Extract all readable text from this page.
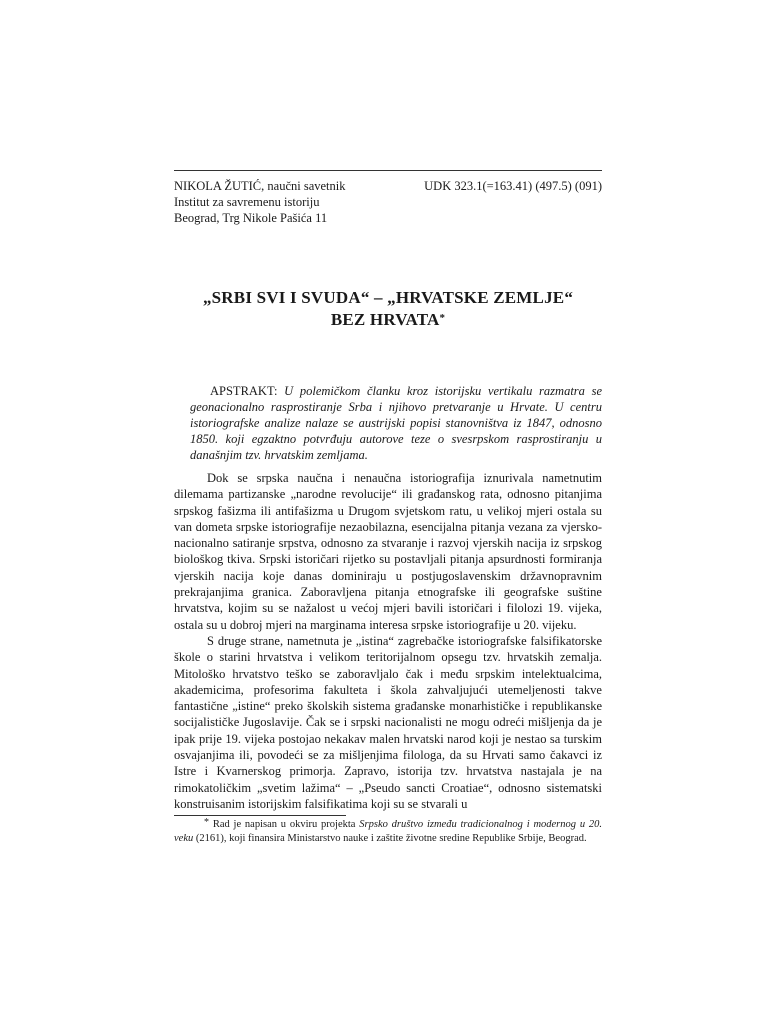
NIKOLA ŽUTIĆ, naučni savetnik
Institut za savremenu istoriju
Beograd, Trg Nikole Pašića 11
UDK 323.1(=163.41) (497.5) (091)
„SRBI SVI I SVUDA“ – „HRVATSKE ZEMLJE“
BEZ HRVATA*
APSTRAKT: U polemičkom članku kroz istorijsku vertikalu razmatra se geonacionalno rasprostiranje Srba i njihovo pretvaranje u Hrvate. U centru istoriografske analize nalaze se austrijski popisi stanovništva iz 1847, odnosno 1850. koji egzaktno potvrđuju autorove teze o svesrpskom rasprostiranju u današnjim tzv. hrvatskim zemljama.

Dok se srpska naučna i nenaučna istoriografija iznurivala nametnutim dilemama partizanske „narodne revolucije“ ili građanskog rata, odnosno pitanjima srpskog fašizma ili antifašizma u Drugom svjetskom ratu, u velikoj mjeri ostala su van dometa srpske istoriografije nezaobilazna, esencijalna pitanja vezana za vjersko-nacionalno satiranje srpstva, odnosno za stvaranje i razvoj vjerskih nacija iz srpskog biološkog tkiva. Srpski istoričari rijetko su postavljali pitanja apsurdnosti formiranja vjerskih nacija koje danas dominiraju u postjugoslavenskim državnopravnim prekrajanjima granica. Zaboravljena pitanja etnografske ili geografske suštine hrvatstva, kojim su se nažalost u većoj mjeri bavili istoričari i filolozi 19. vijeka, ostala su u dobroj mjeri na marginama interesa srpske istoriografije u 20. vijeku.

S druge strane, nametnuta je „istina“ zagrebačke istoriografske falsifikatorske škole o starini hrvatstva i velikom teritorijalnom opsegu tzv. hrvatskih zemalja. Mitološko hrvatstvo teško se zaboravljalo čak i među srpskim intelektualcima, akademicima, profesorima fakulteta i škola zahvaljujući utemeljenosti takve fantastične „istine“ preko školskih sistema građanske monarhističke i republikanske socijalističke Jugoslavije. Čak se i srpski nacionalisti ne mogu odreći mišljenja da je ipak prije 19. vijeka postojao nekakav malen hrvatski narod koji je nestao sa turskim osvajanjima ili, povodeći se za mišljenjima filologa, da su Hrvati samo čakavci iz Istre i Kvarnerskog primorja. Zapravo, istorija tzv. hrvatstva nastajala je na rimokatoličkim „svetim lažima“ – „Pseudo sancti Croatiae“, odnosno sistematski konstruisanim istorijskim falsifikatima koji su se stvarali u

* Rad je napisan u okviru projekta Srpsko društvo između tradicionalnog i modernog u 20. veku (2161), koji finansira Ministarstvo nauke i zaštite životne sredine Republike Srbije, Beograd.
